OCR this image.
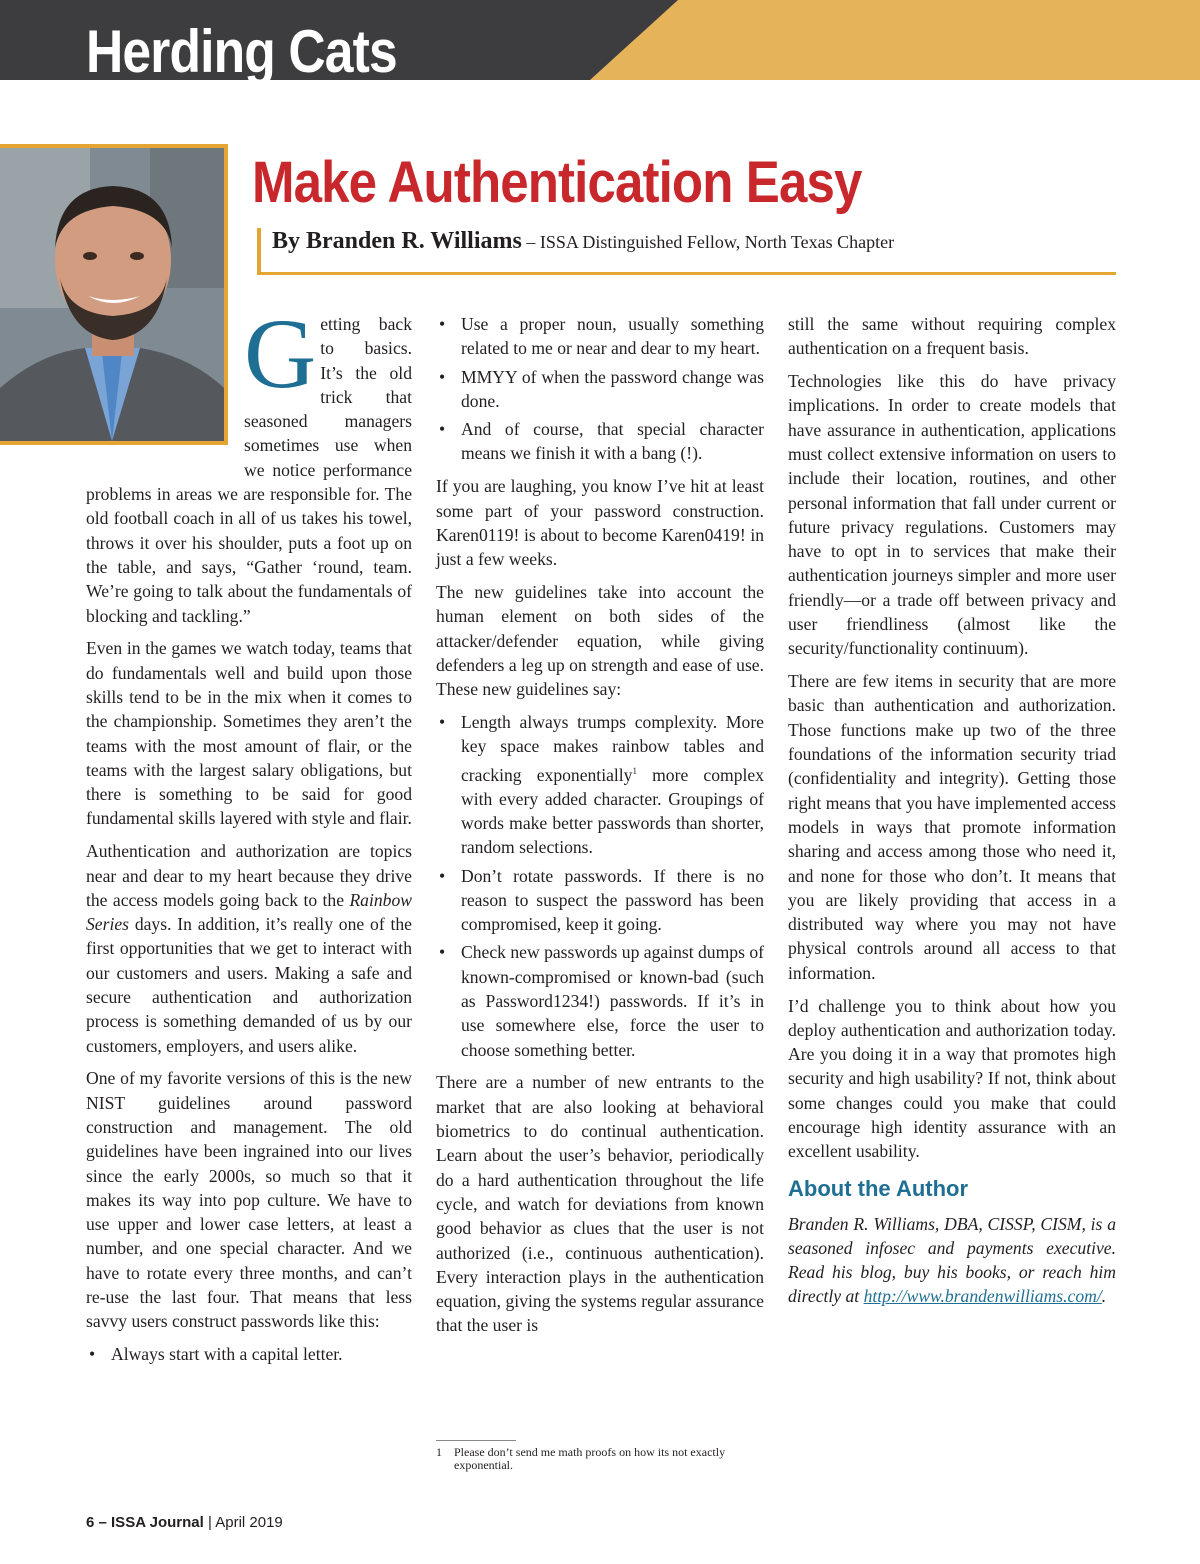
Herding Cats
Make Authentication Easy
By Branden R. Williams – ISSA Distinguished Fellow, North Texas Chapter
Getting back to basics. It’s the old trick that seasoned managers sometimes use when we notice performance problems in areas we are responsible for. The old football coach in all of us takes his towel, throws it over his shoulder, puts a foot up on the table, and says, “Gather ‘round, team. We’re going to talk about the fundamentals of blocking and tackling.”

Even in the games we watch today, teams that do fundamentals well and build upon those skills tend to be in the mix when it comes to the championship. Sometimes they aren’t the teams with the most amount of flair, or the teams with the largest salary obligations, but there is something to be said for good fundamental skills layered with style and flair.

Authentication and authorization are topics near and dear to my heart because they drive the access models going back to the Rainbow Series days. In addition, it’s really one of the first opportunities that we get to interact with our customers and users. Making a safe and secure authentication and authorization process is something demanded of us by our customers, employers, and users alike.

One of my favorite versions of this is the new NIST guidelines around password construction and management. The old guidelines have been ingrained into our lives since the early 2000s, so much so that it makes its way into pop culture. We have to use upper and lower case letters, at least a number, and one special character. And we have to rotate every three months, and can’t re-use the last four. That means that less savvy users construct passwords like this:

• Always start with a capital letter.
• Use a proper noun, usually something related to me or near and dear to my heart.
• MMYY of when the password change was done.
• And of course, that special character means we finish it with a bang (!).

If you are laughing, you know I’ve hit at least some part of your password construction. Karen0119! is about to become Karen0419! in just a few weeks.

The new guidelines take into account the human element on both sides of the attacker/defender equation, while giving defenders a leg up on strength and ease of use. These new guidelines say:

• Length always trumps complexity. More key space makes rainbow tables and cracking exponentially$^1$ more complex with every added character. Groupings of words make better passwords than shorter, random selections.
• Don’t rotate passwords. If there is no reason to suspect the password has been compromised, keep it going.
• Check new passwords up against dumps of known-compromised or known-bad (such as Password1234!) passwords. If it’s in use somewhere else, force the user to choose something better.

There are a number of new entrants to the market that are also looking at behavioral biometrics to do continual authentication. Learn about the user’s behavior, periodically do a hard authentication throughout the life cycle, and watch for deviations from known good behavior as clues that the user is not authorized (i.e., continuous authentication). Every interaction plays in the authentication equation, giving the systems regular assurance that the user is

still the same without requiring complex authentication on a frequent basis.

Technologies like this do have privacy implications. In order to create models that have assurance in authentication, applications must collect extensive information on users to include their location, routines, and other personal information that fall under current or future privacy regulations. Customers may have to opt in to services that make their authentication journeys simpler and more user friendly—or a trade off between privacy and user friendliness (almost like the security/functionality continuum).

There are few items in security that are more basic than authentication and authorization. Those functions make up two of the three foundations of the information security triad (confidentiality and integrity). Getting those right means that you have implemented access models in ways that promote information sharing and access among those who need it, and none for those who don’t. It means that you are likely providing that access in a distributed way where you may not have physical controls around all access to that information.

I’d challenge you to think about how you deploy authentication and authorization today. Are you doing it in a way that promotes high security and high usability? If not, think about some changes could you make that could encourage high identity assurance with an excellent usability.

About the Author

Branden R. Williams, DBA, CISSP, CISM, is a seasoned infosec and payments executive. Read his blog, buy his books, or reach him directly at http://www.brandenwilliams.com/.

1	Please don’t send me math proofs on how its not exactly exponential.
6 – ISSA Journal | April 2019
